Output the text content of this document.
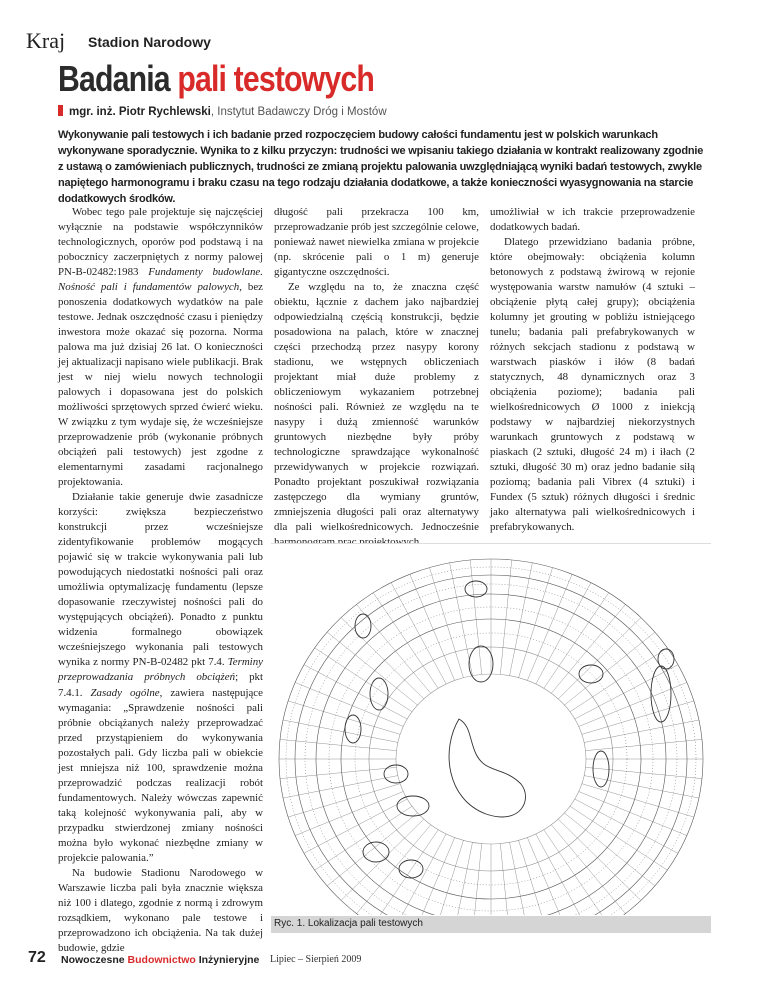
Kraj Stadion Narodowy
Badania pali testowych
mgr. inż. Piotr Rychlewski, Instytut Badawczy Dróg i Mostów
Wykonywanie pali testowych i ich badanie przed rozpoczęciem budowy całości fundamentu jest w polskich warunkach wykonywane sporadycznie. Wynika to z kilku przyczyn: trudności we wpisaniu takiego działania w kontrakt realizowany zgodnie z ustawą o zamówieniach publicznych, trudności ze zmianą projektu palowania uwzględniającą wyniki badań testowych, zwykle napiętego harmonogramu i braku czasu na tego rodzaju działania dodatkowe, a także konieczności wyasygnowania na starcie dodatkowych środków.

Wobec tego pale projektuje się najczęściej wyłącznie na podstawie współczynników technologicznych, oporów pod podstawą i na pobocznicy zaczerpniętych z normy palowej PN-B-02482:1983 Fundamenty budowlane. Nośność pali i fundamentów palowych, bez ponoszenia dodatkowych wydatków na pale testowe. Jednak oszczędność czasu i pieniędzy inwestora może okazać się pozorna. Norma palowa ma już dzisiaj 26 lat. O konieczności jej aktualizacji napisano wiele publikacji. Brak jest w niej wielu nowych technologii palowych i dopasowana jest do polskich możliwości sprzętowych sprzed ćwierć wieku. W związku z tym wydaje się, że wcześniejsze przeprowadzenie prób (wykonanie próbnych obciążeń pali testowych) jest zgodne z elementarnymi zasadami racjonalnego projektowania.

Działanie takie generuje dwie zasadnicze korzyści: zwiększa bezpieczeństwo konstrukcji przez wcześniejsze zidentyfikowanie problemów mogących pojawić się w trakcie wykonywania pali lub powodujących niedostatki nośności pali oraz umożliwia optymalizację fundamentu (lepsze dopasowanie rzeczywistej nośności pali do występujących obciążeń). Ponadto z punktu widzenia formalnego obowiązek wcześniejszego wykonania pali testowych wynika z normy PN-B-02482 pkt 7.4. Terminy przeprowadzania próbnych obciążeń; pkt 7.4.1. Zasady ogólne, zawiera następujące wymagania: „Sprawdzenie nośności pali próbnie obciążanych należy przeprowadzać przed przystąpieniem do wykonywania pozostałych pali. Gdy liczba pali w obiekcie jest mniejsza niż 100, sprawdzenie można przeprowadzić podczas realizacji robót fundamentowych. Należy wówczas zapewnić taką kolejność wykonywania pali, aby w przypadku stwierdzonej zmiany nośności można było wykonać niezbędne zmiany w projekcie palowania.”

Na budowie Stadionu Narodowego w Warszawie liczba pali była znacznie większa niż 100 i dlatego, zgodnie z normą i zdrowym rozsądkiem, wykonano pale testowe i przeprowadzono ich obciążenia. Na tak dużej budowie, gdzie

długość pali przekracza 100 km, przeprowadzanie prób jest szczególnie celowe, ponieważ nawet niewielka zmiana w projekcie (np. skrócenie pali o 1 m) generuje gigantyczne oszczędności.

Ze względu na to, że znaczna część obiektu, łącznie z dachem jako najbardziej odpowiedzialną częścią konstrukcji, będzie posadowiona na palach, które w znacznej części przechodzą przez nasypy korony stadionu, we wstępnych obliczeniach projektant miał duże problemy z obliczeniowym wykazaniem potrzebnej nośności pali. Również ze względu na te nasypy i dużą zmienność warunków gruntowych niezbędne były próby technologiczne sprawdzające wykonalność przewidywanych w projekcie rozwiązań. Ponadto projektant poszukiwał rozwiązania zastępczego dla wymiany gruntów, zmniejszenia długości pali oraz alternatywy dla pali wielkośrednicowych. Jednocześnie

umożliwiał w ich trakcie przeprowadzenie dodatkowych badań.

Dlatego przewidziano badania próbne, które obejmowały: obciążenia kolumn betonowych z podstawą żwirową w rejonie występowania warstw namułów (4 sztuki – obciążenie płytą całej grupy); obciążenia kolumny jet grouting w pobliżu istniejącego tunelu; badania pali prefabrykowanych w różnych sekcjach stadionu z podstawą w warstwach piasków i iłów (8 badań statycznych, 48 dynamicznych oraz 3 obciążenia poziome); badania pali wielkośrednicowych Ø 1000 z iniekcją podstawy w najbardziej niekorzystnych warunkach gruntowych z podstawą w piaskach (2 sztuki, długość 24 m) i iłach (2 sztuki, długość 30 m) oraz jedno badanie siłą poziomą; badania pali Vibrex (4 sztuki) i Fundex (5 sztuk) różnych długości i średnic jako alternatywa pali wielkośrednicowych i prefabrykowanych.

Ryc. 1. Lokalizacja pali testowych
72 Nowoczesne Budownictwo Inżynieryjne Lipiec – Sierpień 2009
